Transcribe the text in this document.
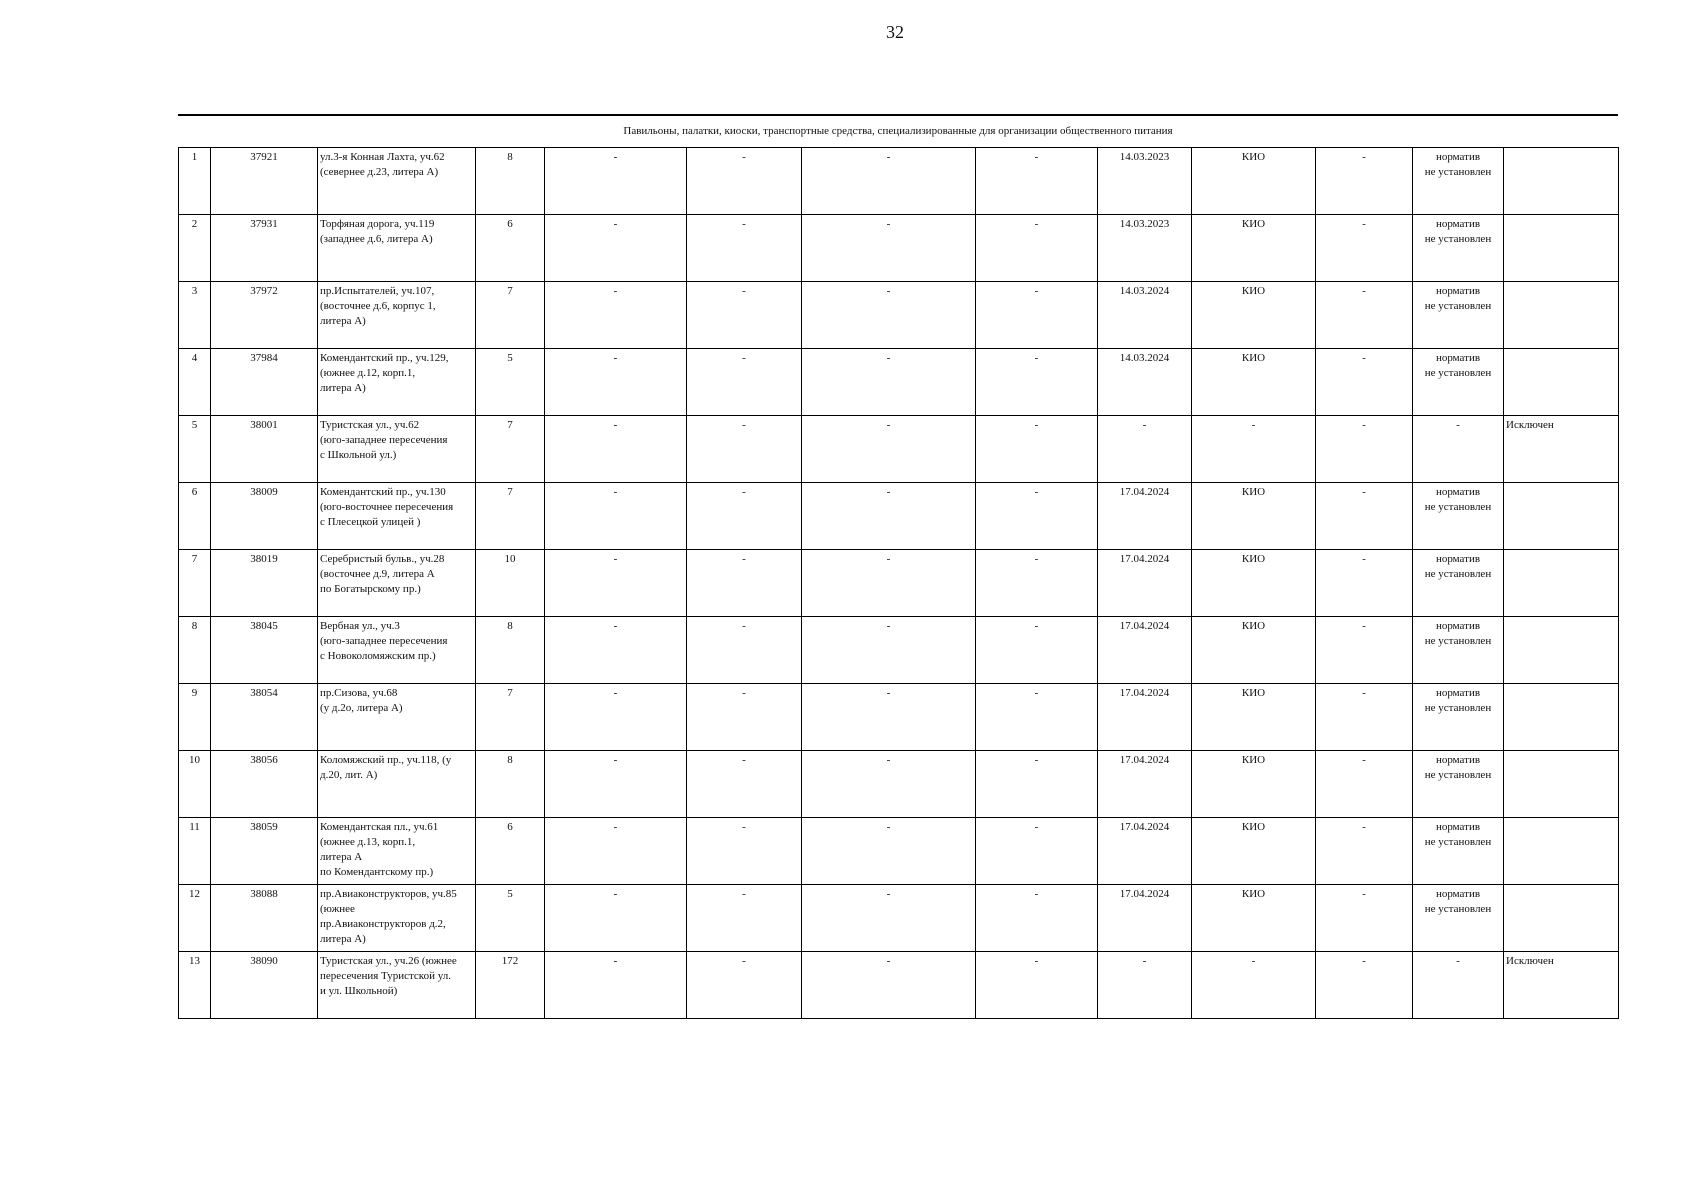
32
Павильоны, палатки, киоски, транспортные средства, специализированные для организации общественного питания
1	37921	ул.3-я Конная Лахта, уч.62
(севернее д.23, литера А)	8	-	-	-	-	14.03.2023	КИО	-	норматив
не установлен	
2	37931	Торфяная дорога, уч.119
(западнее д.6, литера А)	6	-	-	-	-	14.03.2023	КИО	-	норматив
не установлен	
3	37972	пр.Испытателей, уч.107,
(восточнее д.6, корпус 1,
литера А)	7	-	-	-	-	14.03.2024	КИО	-	норматив
не установлен	
4	37984	Комендантский пр., уч.129,
(южнее д.12, корп.1,
литера А)	5	-	-	-	-	14.03.2024	КИО	-	норматив
не установлен	
5	38001	Туристская ул., уч.62
(юго-западнее пересечения
с Школьной ул.)	7	-	-	-	-	-	-	-	-	Исключен
6	38009	Комендантский пр., уч.130
(юго-восточнее пересечения
с Плесецкой улицей )	7	-	-	-	-	17.04.2024	КИО	-	норматив
не установлен	
7	38019	Серебристый бульв., уч.28
(восточнее д.9, литера А
по Богатырскому пр.)	10	-	-	-	-	17.04.2024	КИО	-	норматив
не установлен	
8	38045	Вербная ул., уч.3
(юго-западнее пересечения
с Новоколомяжским пр.)	8	-	-	-	-	17.04.2024	КИО	-	норматив
не установлен	
9	38054	пр.Сизова, уч.68
(у д.2о, литера А)	7	-	-	-	-	17.04.2024	КИО	-	норматив
не установлен	
10	38056	Коломяжский пр., уч.118, (у
д.20, лит. А)	8	-	-	-	-	17.04.2024	КИО	-	норматив
не установлен	
11	38059	Комендантская пл., уч.61
(южнее д.13, корп.1,
литера А
по Комендантскому пр.)	6	-	-	-	-	17.04.2024	КИО	-	норматив
не установлен	
12	38088	пр.Авиаконструкторов, уч.85
(южнее
пр.Авиаконструкторов д.2,
литера А)	5	-	-	-	-	17.04.2024	КИО	-	норматив
не установлен	
13	38090	Туристская ул., уч.26 (южнее
пересечения Туристской ул.
и ул. Школьной)	172	-	-	-	-	-	-	-	-	Исключен
